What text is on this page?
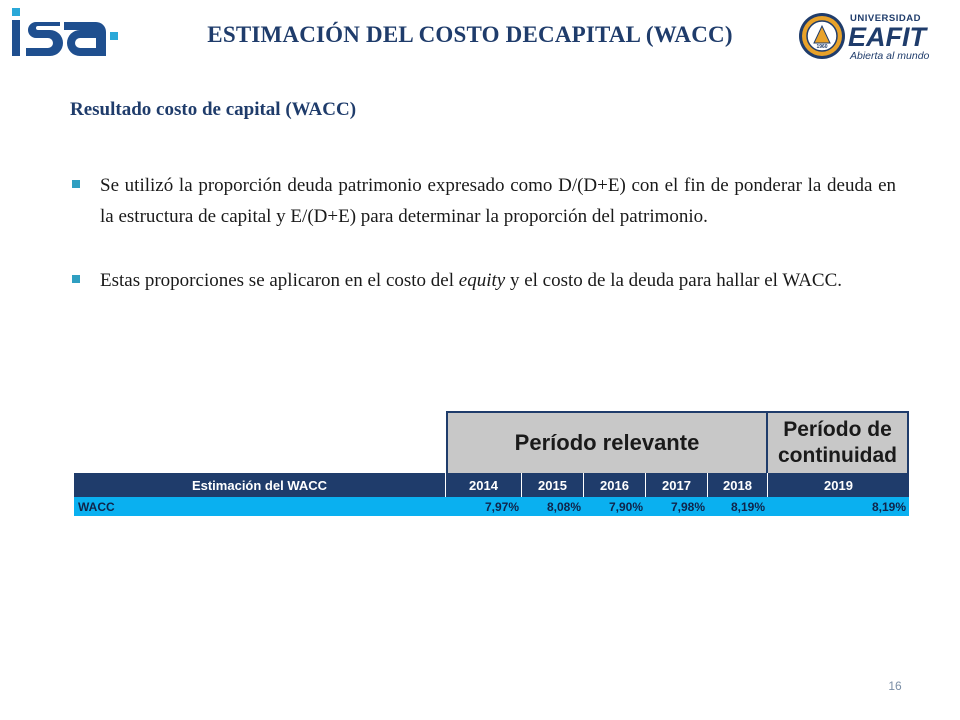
ESTIMACIÓN DEL COSTO DECAPITAL (WACC)	1960
UNIVERSIDAD
EAFIT
Abierta al mundo
Resultado costo de capital (WACC)
Se utilizó la proporción deuda patrimonio expresado como D/(D+E) con el fin de ponderar la deuda en la estructura de capital y E/(D+E) para determinar la proporción del patrimonio.
Estas proporciones se aplicaron en el costo del equity y el costo de la deuda para hallar el WACC.
Período relevante
Período de
continuidad
Estimación del WACC	2014	2015	2016	2017	2018	2019
WACC	7,97%	8,08%	7,90%	7,98%	8,19%	8,19%
16
